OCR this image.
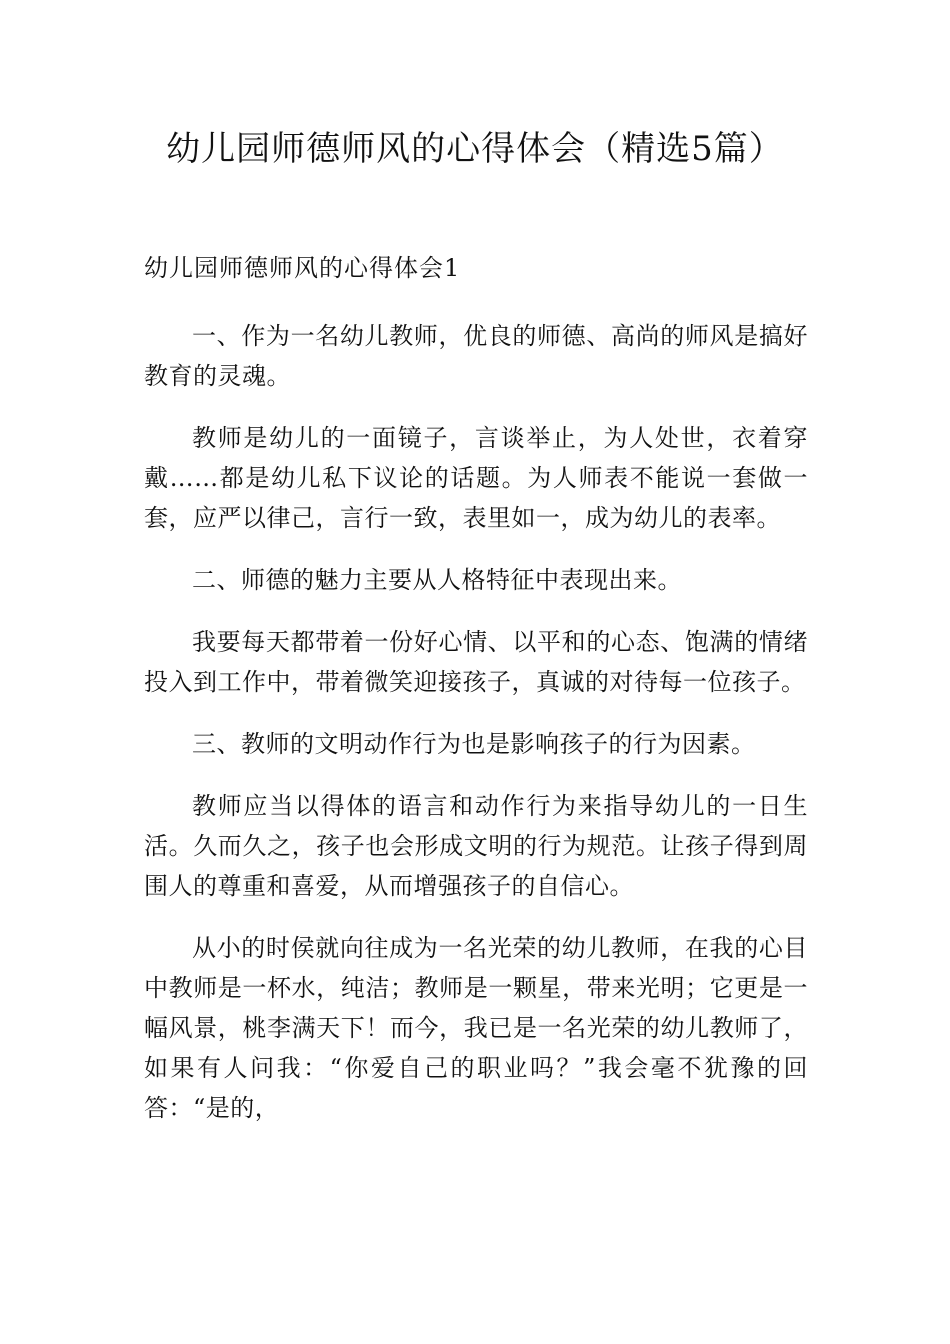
幼儿园师德师风的心得体会（精选5篇）
幼儿园师德师风的心得体会1

一、作为一名幼儿教师，优良的师德、高尚的师风是搞好教育的灵魂。

教师是幼儿的一面镜子，言谈举止，为人处世，衣着穿戴……都是幼儿私下议论的话题。为人师表不能说一套做一套，应严以律己，言行一致，表里如一，成为幼儿的表率。

二、师德的魅力主要从人格特征中表现出来。

我要每天都带着一份好心情、以平和的心态、饱满的情绪投入到工作中，带着微笑迎接孩子，真诚的对待每一位孩子。

三、教师的文明动作行为也是影响孩子的行为因素。

教师应当以得体的语言和动作行为来指导幼儿的一日生活。久而久之，孩子也会形成文明的行为规范。让孩子得到周围人的尊重和喜爱，从而增强孩子的自信心。

从小的时侯就向往成为一名光荣的幼儿教师，在我的心目中教师是一杯水，纯洁；教师是一颗星，带来光明；它更是一幅风景，桃李满天下！而今，我已是一名光荣的幼儿教师了，如果有人问我：“你爱自己的职业吗？”我会毫不犹豫的回答：“是的，
